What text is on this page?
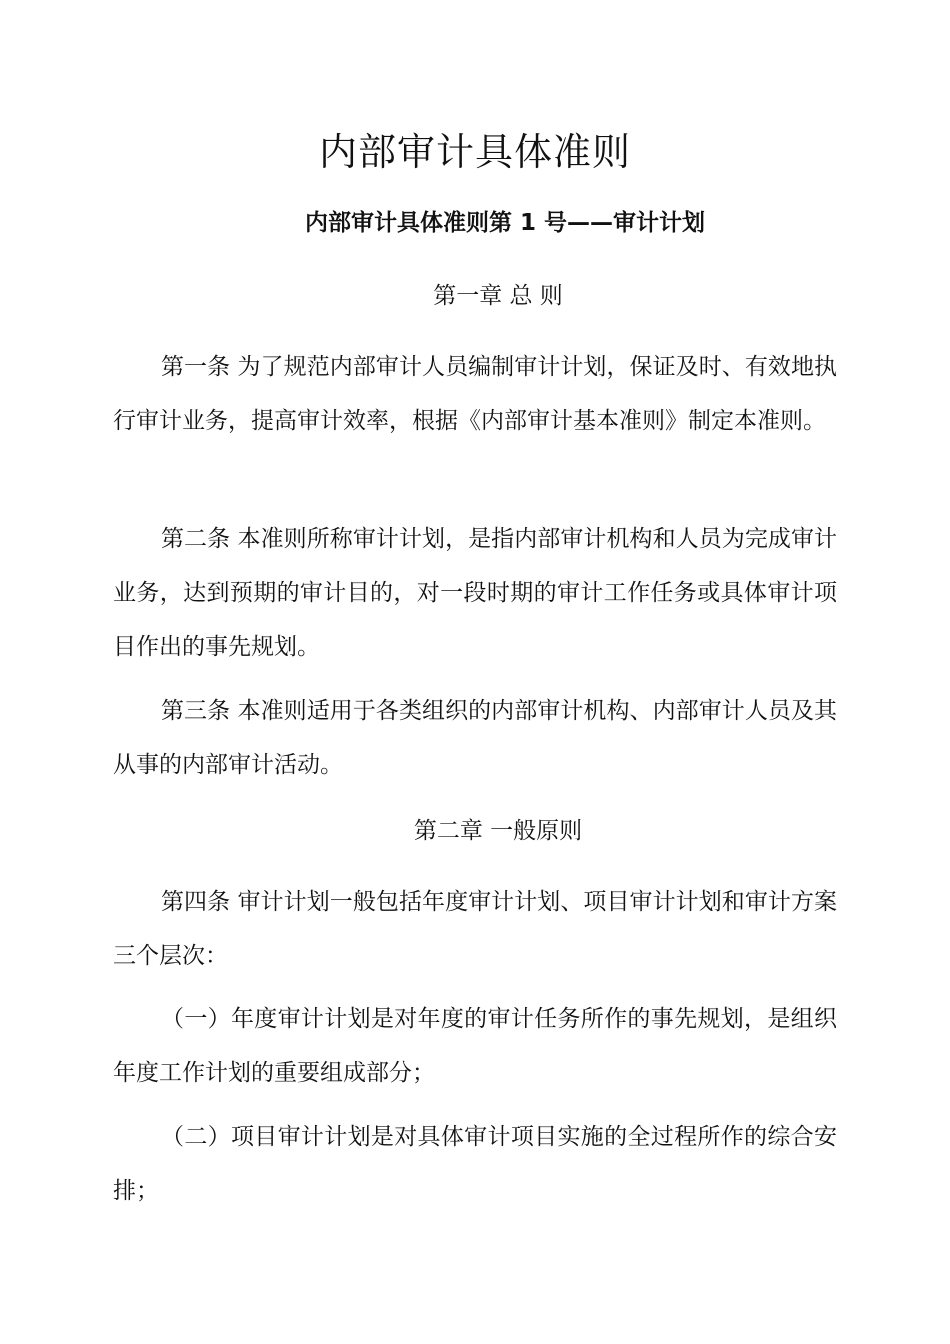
内部审计具体准则
内部审计具体准则第 1 号——审计计划
第一章 总 则

第一条 为了规范内部审计人员编制审计计划，保证及时、有效地执行审计业务，提高审计效率，根据《内部审计基本准则》制定本准则。

第二条 本准则所称审计计划，是指内部审计机构和人员为完成审计业务，达到预期的审计目的，对一段时期的审计工作任务或具体审计项目作出的事先规划。

第三条 本准则适用于各类组织的内部审计机构、内部审计人员及其从事的内部审计活动。

第二章 一般原则

第四条 审计计划一般包括年度审计计划、项目审计计划和审计方案三个层次：

（一）年度审计计划是对年度的审计任务所作的事先规划，是组织年度工作计划的重要组成部分；

（二）项目审计计划是对具体审计项目实施的全过程所作的综合安排；
